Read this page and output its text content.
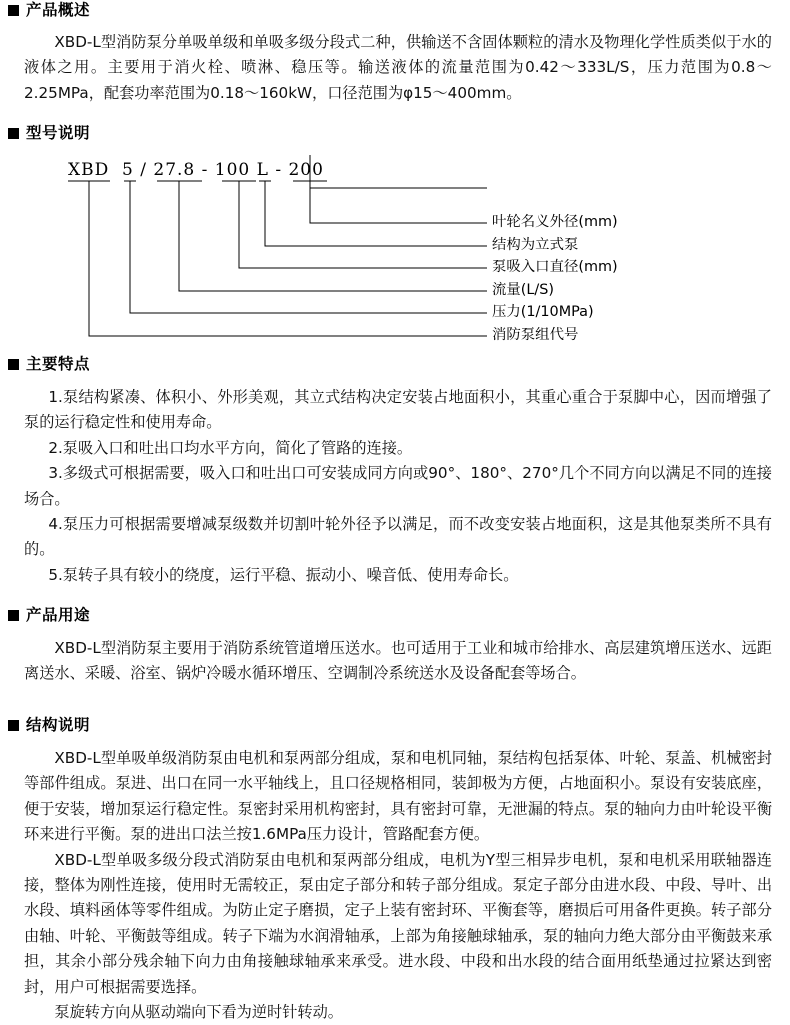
产品概述

XBD-L型消防泵分单吸单级和单吸多级分段式二种，供输送不含固体颗粒的清水及物理化学性质类似于水的液体之用。主要用于消火栓、喷淋、稳压等。输送液体的流量范围为0.42～333L/S，压力范围为0.8～2.25MPa，配套功率范围为0.18～160kW，口径范围为φ15～400mm。

型号说明
XBD  5 / 27.8 - 100 L - 200
叶轮名义外径(mm)
结构为立式泵
泵吸入口直径(mm)
流量(L/S)
压力(1/10MPa)
消防泵组代号
主要特点

1.泵结构紧凑、体积小、外形美观，其立式结构决定安装占地面积小，其重心重合于泵脚中心，因而增强了泵的运行稳定性和使用寿命。

2.泵吸入口和吐出口均水平方向，简化了管路的连接。

3.多级式可根据需要，吸入口和吐出口可安装成同方向或90°、180°、270°几个不同方向以满足不同的连接场合。

4.泵压力可根据需要增减泵级数并切割叶轮外径予以满足，而不改变安装占地面积，这是其他泵类所不具有的。

5.泵转子具有较小的绕度，运行平稳、振动小、噪音低、使用寿命长。

产品用途

XBD-L型消防泵主要用于消防系统管道增压送水。也可适用于工业和城市给排水、高层建筑增压送水、远距离送水、采暖、浴室、锅炉冷暖水循环增压、空调制冷系统送水及设备配套等场合。

结构说明

XBD-L型单吸单级消防泵由电机和泵两部分组成，泵和电机同轴，泵结构包括泵体、叶轮、泵盖、机械密封等部件组成。泵进、出口在同一水平轴线上，且口径规格相同，装卸极为方便，占地面积小。泵设有安装底座，便于安装，增加泵运行稳定性。泵密封采用机构密封，具有密封可靠，无泄漏的特点。泵的轴向力由叶轮设平衡环来进行平衡。泵的进出口法兰按1.6MPa压力设计，管路配套方便。

XBD-L型单吸多级分段式消防泵由电机和泵两部分组成，电机为Y型三相异步电机，泵和电机采用联轴器连接，整体为刚性连接，使用时无需较正，泵由定子部分和转子部分组成。泵定子部分由进水段、中段、导叶、出水段、填料函体等零件组成。为防止定子磨损，定子上装有密封环、平衡套等，磨损后可用备件更换。转子部分由轴、叶轮、平衡鼓等组成。转子下端为水润滑轴承，上部为角接触球轴承，泵的轴向力绝大部分由平衡鼓来承担，其余小部分残余轴下向力由角接触球轴承来承受。进水段、中段和出水段的结合面用纸垫通过拉紧达到密封，用户可根据需要选择。

泵旋转方向从驱动端向下看为逆时针转动。
